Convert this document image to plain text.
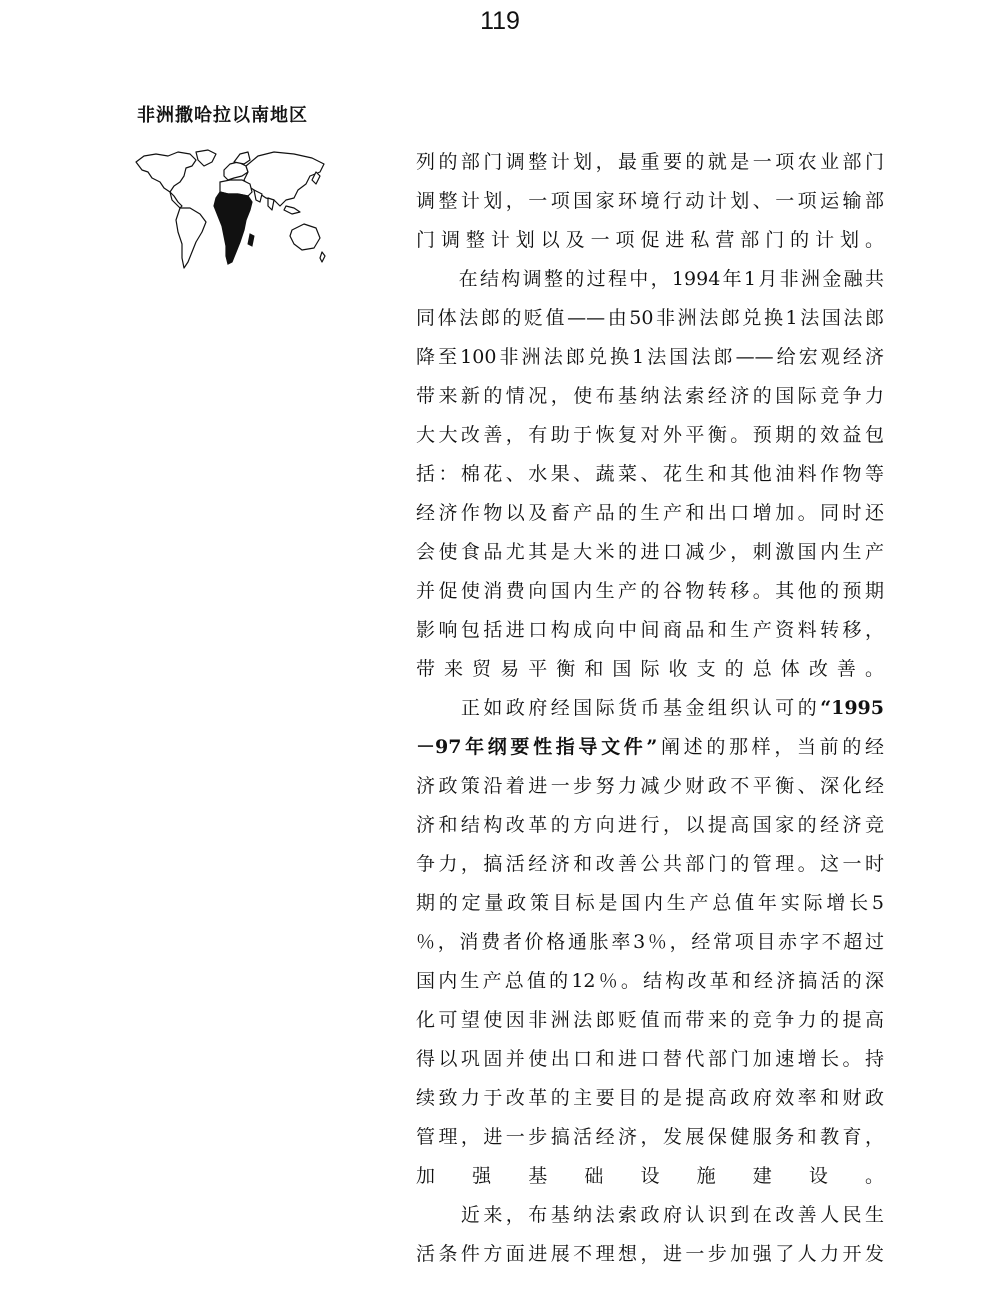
119
非洲撒哈拉以南地区

列的部门调整计划，最重要的就是一项农业部门
调整计划，一项国家环境行动计划、一项运输部
门调整计划以及一项促进私营部门的计划。

　　在结构调整的过程中，1994年1月非洲金融共
同体法郎的贬值——由50非洲法郎兑换1法国法郎
降至100非洲法郎兑换1法国法郎——给宏观经济
带来新的情况，使布基纳法索经济的国际竞争力
大大改善，有助于恢复对外平衡。预期的效益包
括：棉花、水果、蔬菜、花生和其他油料作物等
经济作物以及畜产品的生产和出口增加。同时还
会使食品尤其是大米的进口减少，刺激国内生产
并促使消费向国内生产的谷物转移。其他的预期
影响包括进口构成向中间商品和生产资料转移，
带来贸易平衡和国际收支的总体改善。

　　正如政府经国际货币基金组织认可的“1995
－97年纲要性指导文件”阐述的那样，当前的经
济政策沿着进一步努力减少财政不平衡、深化经
济和结构改革的方向进行，以提高国家的经济竞
争力，搞活经济和改善公共部门的管理。这一时
期的定量政策目标是国内生产总值年实际增长5
％，消费者价格通胀率3％，经常项目赤字不超过
国内生产总值的12％。结构改革和经济搞活的深
化可望使因非洲法郎贬值而带来的竞争力的提高
得以巩固并使出口和进口替代部门加速增长。持
续致力于改革的主要目的是提高政府效率和财政
管理，进一步搞活经济，发展保健服务和教育，
加强基础设施建设。

　　近来，布基纳法索政府认识到在改善人民生
活条件方面进展不理想，进一步加强了人力开发
